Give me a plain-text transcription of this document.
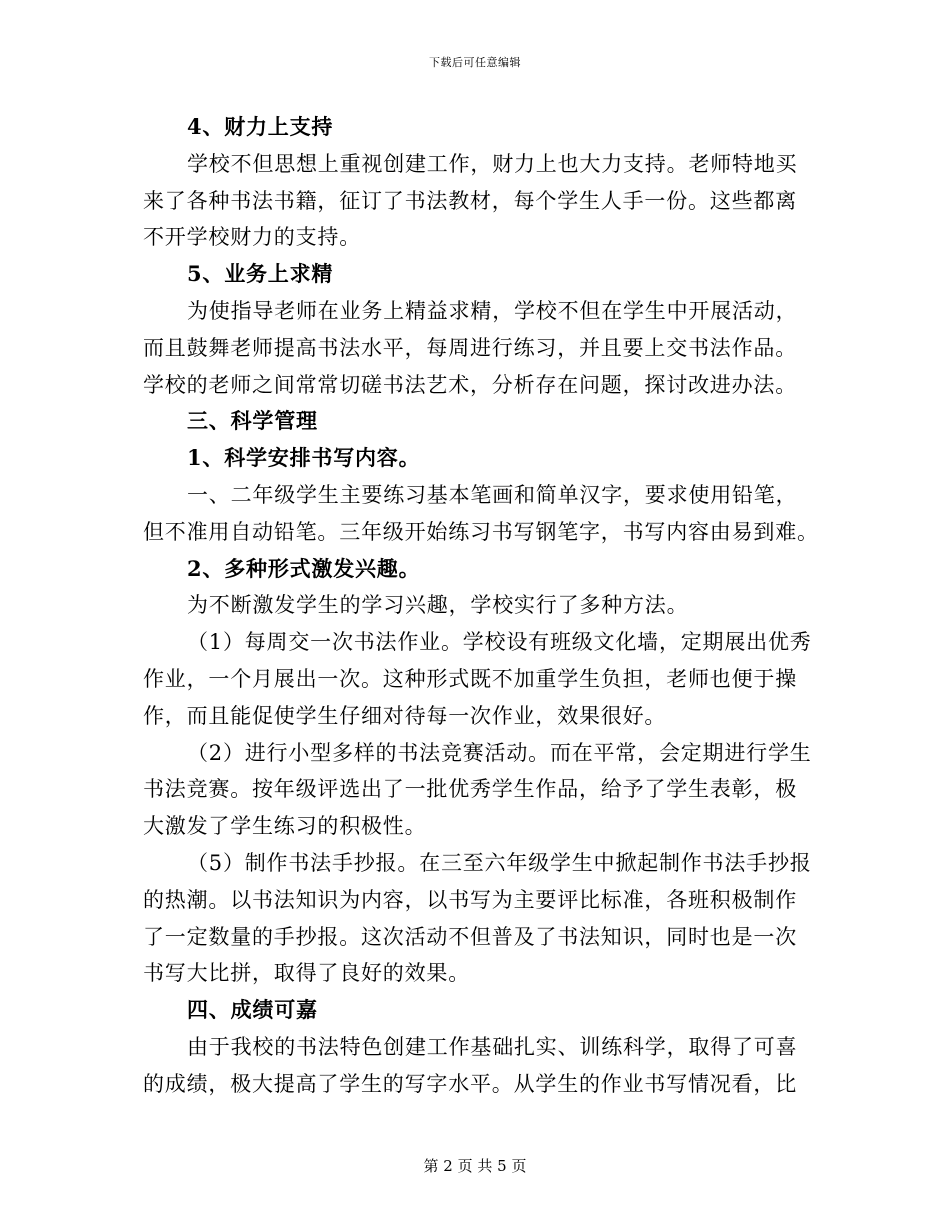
下载后可任意编辑
4、财力上支持
学校不但思想上重视创建工作，财力上也大力支持。老师特地买
来了各种书法书籍，征订了书法教材，每个学生人手一份。这些都离
不开学校财力的支持。
5、业务上求精
为使指导老师在业务上精益求精，学校不但在学生中开展活动，
而且鼓舞老师提高书法水平，每周进行练习，并且要上交书法作品。
学校的老师之间常常切磋书法艺术，分析存在问题，探讨改进办法。
三、科学管理
1、科学安排书写内容。
一、二年级学生主要练习基本笔画和简单汉字，要求使用铅笔，
但不准用自动铅笔。三年级开始练习书写钢笔字，书写内容由易到难。
2、多种形式激发兴趣。
为不断激发学生的学习兴趣，学校实行了多种方法。
（1）每周交一次书法作业。学校设有班级文化墙，定期展出优秀
作业，一个月展出一次。这种形式既不加重学生负担，老师也便于操
作，而且能促使学生仔细对待每一次作业，效果很好。
（2）进行小型多样的书法竞赛活动。而在平常，会定期进行学生
书法竞赛。按年级评选出了一批优秀学生作品，给予了学生表彰，极
大激发了学生练习的积极性。
（5）制作书法手抄报。在三至六年级学生中掀起制作书法手抄报
的热潮。以书法知识为内容，以书写为主要评比标准，各班积极制作
了一定数量的手抄报。这次活动不但普及了书法知识，同时也是一次
书写大比拼，取得了良好的效果。
四、成绩可嘉
由于我校的书法特色创建工作基础扎实、训练科学，取得了可喜
的成绩，极大提高了学生的写字水平。从学生的作业书写情况看，比
第 2 页 共 5 页
